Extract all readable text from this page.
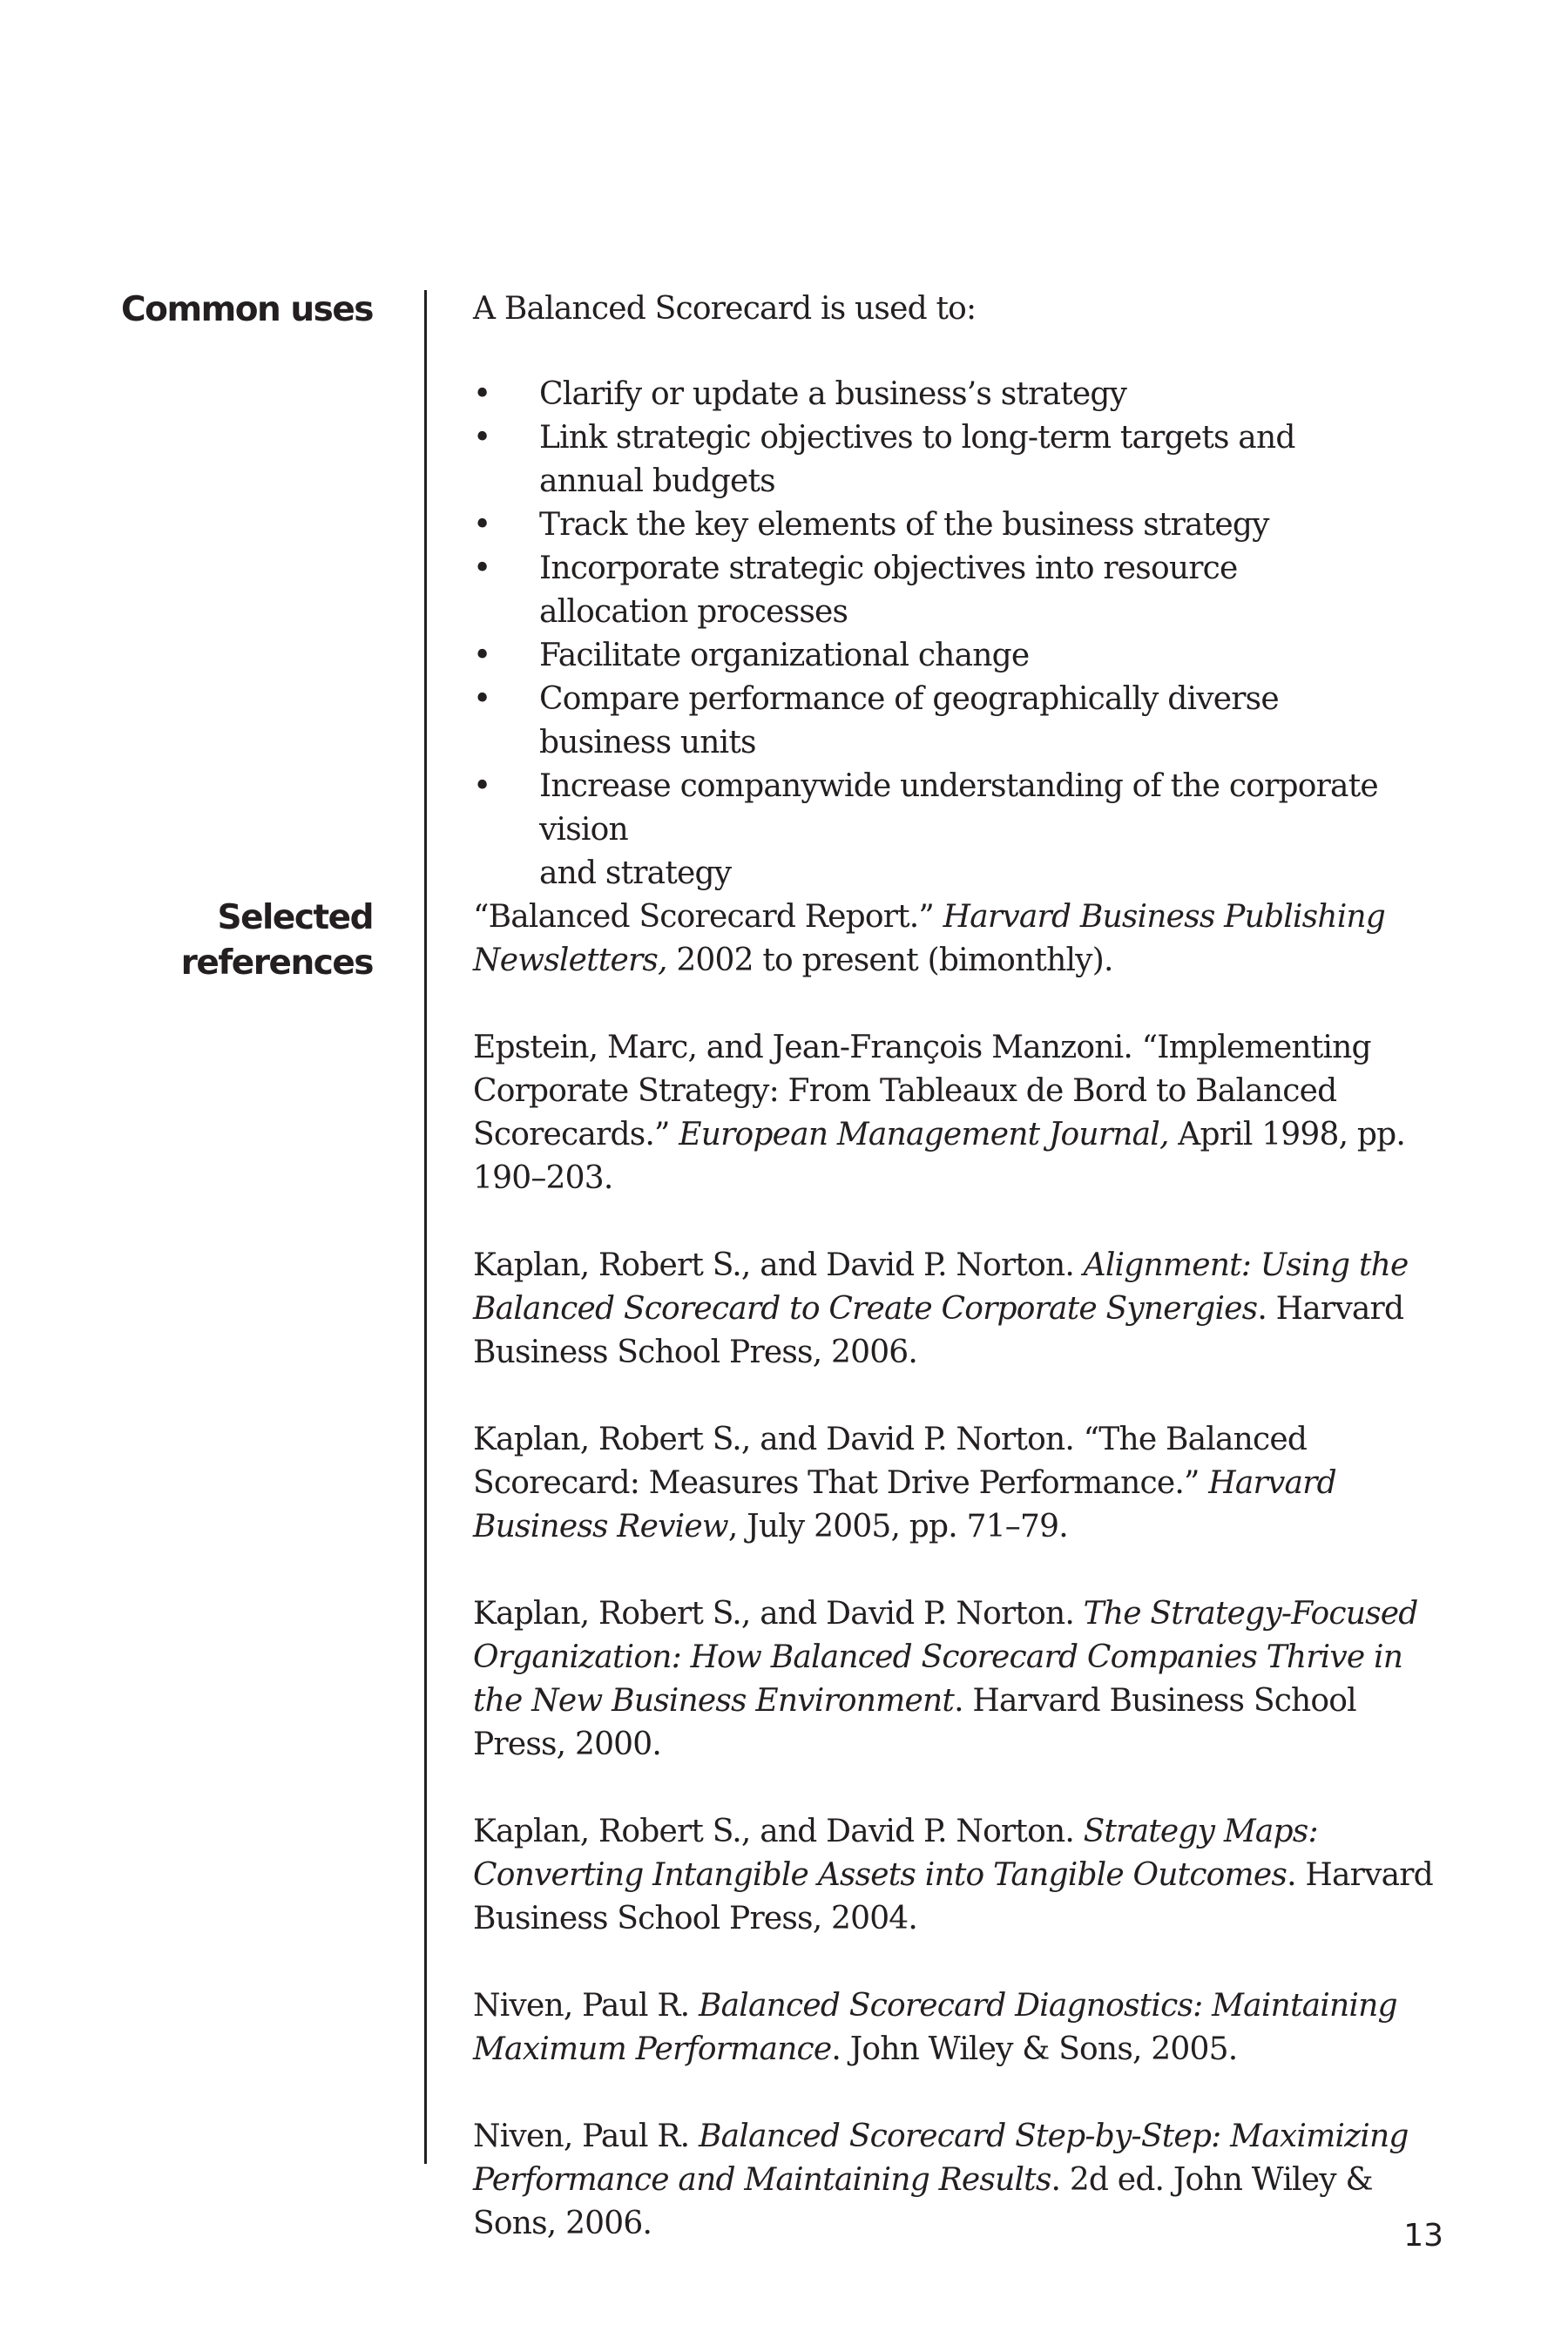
Common uses	A Balanced Scorecard is used to:

• Clarify or update a business’s strategy
• Link strategic objectives to long-term targets and
annual budgets
• Track the key elements of the business strategy
• Incorporate strategic objectives into resource
allocation processes
• Facilitate organizational change
• Compare performance of geographically diverse
business units
• Increase companywide understanding of the corporate vision
and strategy
Selected
references

“Balanced Scorecard Report.” Harvard Business Publishing Newsletters, 2002 to present (bimonthly).

Epstein, Marc, and Jean-François Manzoni. “Implementing Corporate Strategy: From Tableaux de Bord to Balanced Scorecards.” European Management Journal, April 1998, pp. 190–203.

Kaplan, Robert S., and David P. Norton. Alignment: Using the Balanced Scorecard to Create Corporate Synergies. Harvard Business School Press, 2006.

Kaplan, Robert S., and David P. Norton. “The Balanced Scorecard: Measures That Drive Performance.” Harvard Business Review, July 2005, pp. 71–79.

Kaplan, Robert S., and David P. Norton. The Strategy-Focused Organization: How Balanced Scorecard Companies Thrive in the New Business Environment. Harvard Business School Press, 2000.

Kaplan, Robert S., and David P. Norton. Strategy Maps: Converting Intangible Assets into Tangible Outcomes. Harvard Business School Press, 2004.

Niven, Paul R. Balanced Scorecard Diagnostics: Maintaining Maximum Performance. John Wiley & Sons, 2005.

Niven, Paul R. Balanced Scorecard Step-by-Step: Maximizing Performance and Maintaining Results. 2d ed. John Wiley & Sons, 2006.	13
